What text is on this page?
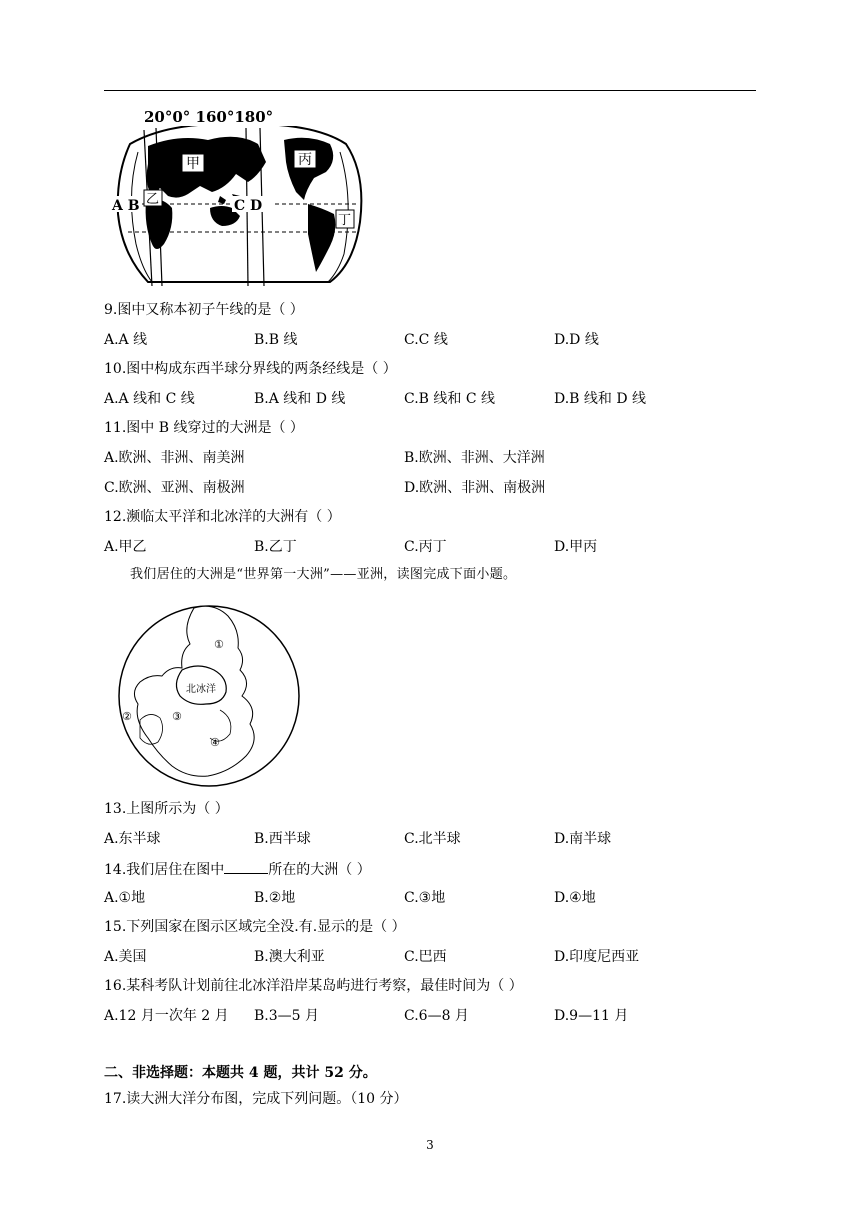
20°0° 160°180°
A B	C D
甲
乙
丙
丁
9.图中又称本初子午线的是（ ）
A.A 线	B.B 线	C.C 线	D.D 线
10.图中构成东西半球分界线的两条经线是（ ）
A.A 线和 C 线	B.A 线和 D 线	C.B 线和 C 线	D.B 线和 D 线
11.图中 B 线穿过的大洲是（ ）
A.欧洲、非洲、南美洲	B.欧洲、非洲、大洋洲
C.欧洲、亚洲、南极洲	D.欧洲、非洲、南极洲
12.濒临太平洋和北冰洋的大洲有（ ）
A.甲乙	B.乙丁	C.丙丁	D.甲丙
我们居住的大洲是“世界第一大洲”——亚洲，读图完成下面小题。
北冰洋
①
②	③
④
13.上图所示为（ ）
A.东半球	B.西半球	C.北半球	D.南半球
14.我们居住在图中	所在的大洲（ ）
A.①地	B.②地	C.③地	D.④地
15.下列国家在图示区域完全没.有.显示的是（ ）
A.美国	B.澳大利亚	C.巴西	D.印度尼西亚
16.某科考队计划前往北冰洋沿岸某岛屿进行考察，最佳时间为（ ）
A.12 月一次年 2 月 B.3—5 月	C.6—8 月	D.9—11 月
二、非选择题：本题共 4 题，共计 52 分。
17.读大洲大洋分布图，完成下列问题。（10 分）
3
